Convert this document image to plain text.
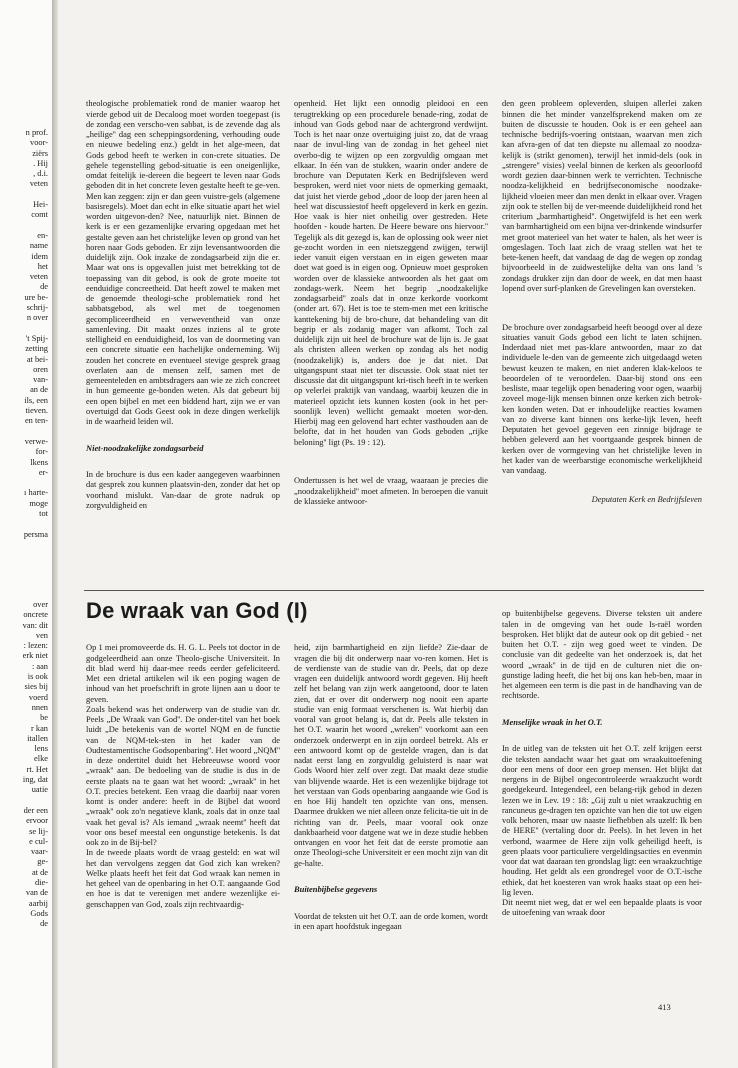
n prof.
voor-
ziërs
. Hij
, d.i.
veten

Hei-
comt

en-
name
idem
het
veten
de
ure be-
schrij-
n over

't Spij-
zetting
at bei-
oren
van-
an de
ils, een
tieven.
en ten-

verwe-
for-
lkens
er-

ı harte-
moge
tot

persma
over
oncrete
van: dit
ven
: lezen:
erk niet
: aan
is ook
sies bij
voerd
nnen
be
r kan
itallen
lens
elke
rt. Het
ing, dat
uatie

der een
ervoor
se lij-
e cul-
vaar-
ge-
at de
die-
van de
aarbij
Gods
de

theologische problematiek rond de manier waarop het vierde gebod uit de Decaloog moet worden toegepast (is de zondag een verscho-ven sabbat, is de zevende dag als „heilige'' dag een scheppingsordening, verhouding oude en nieuwe bedeling enz.) geldt in het alge-meen, dat Gods gebod heeft te werken in con-crete situaties. De gehele tegenstelling gebod-situatie is een oneigenlijke, omdat feitelijk ie-dereen die begeert te leven naar Gods geboden dit in het concrete leven gestalte heeft te ge-ven. Men kan zeggen: zijn er dan geen vuistre-gels (algemene basisregels). Moet dan echt in elke situatie apart het wiel worden uitgevon-den? Nee, natuurlijk niet. Binnen de kerk is er een gezamenlijke ervaring opgedaan met het gestalte geven aan het christelijke leven op grond van het horen naar Gods geboden. Er zijn levensantwoorden die duidelijk zijn. Ook inzake de zondagsarbeid zijn die er. Maar wat ons is opgevallen juist met betrekking tot de toepassing van dit gebod, is ook de grote moeite tot eenduidige concreetheid. Dat heeft zowel te maken met de genoemde theologi-sche problematiek rond het sabbatsgebod, als wel met de toegenomen gecompliceerdheid en verweventheid van onze samenleving. Dit maakt onzes inziens al te grote stelligheid en eenduidigheid, los van de doormeting van een concrete situatie een hachelijke onderneming. Wij zouden het concrete en eventueel stevige gesprek graag overlaten aan de mensen zelf, samen met de gemeenteleden en ambtsdragers aan wie ze zich concreet in hun gemeente ge-bonden weten. Als dat gebeurt bij een open bijbel en met een biddend hart, zijn we er van overtuigd dat Gods Geest ook in deze dingen werkelijk in de waarheid leiden wil.

Niet-noodzakelijke zondagsarbeid

In de brochure is dus een kader aangegeven waarbinnen dat gesprek zou kunnen plaatsvin-den, zonder dat het op voorhand mislukt. Van-daar de grote nadruk op zorgvuldigheid en

openheid. Het lijkt een onnodig pleidooi en een terugtrekking op een procedurele benade-ring, zodat de inhoud van Gods gebod naar de achtergrond verdwijnt. Toch is het naar onze overtuiging juist zo, dat de vraag naar de invul-ling van de zondag in het geheel niet overbo-dig te wijzen op een zorgvuldig omgaan met elkaar. In één van de stukken, waarin onder andere de brochure van Deputaten Kerk en Bedrijfsleven werd besproken, werd niet voor niets de opmerking gemaakt, dat juist het vierde gebod „door de loop der jaren heen al heel wat discussiestof heeft opgeleverd in kerk en gezin. Hoe vaak is hier niet onheilig over gestreden. Hete hoofden - koude harten. De Heere beware ons hiervoor.'' Tegelijk als dit gezegd is, kan de oplossing ook weer niet ge-zocht worden in een nietszeggend zwijgen, terwijl ieder vanuit eigen verstaan en in eigen geweten maar doet wat goed is in eigen oog. Opnieuw moet gesproken worden over de klassieke antwoorden als het gaat om zondags-werk. Neem het begrip „noodzakelijke zondagsarbeid'' zoals dat in onze kerkorde voorkomt (onder art. 67). Het is toe te stem-men met een kritische kanttekening bij de bro-chure, dat behandeling van dit begrip er als zodanig mager van afkomt. Toch zal duidelijk zijn uit heel de brochure wat de lijn is. Je gaat als christen alleen werken op zondag als het nodig (noodzakelijk) is, anders doe je dat niet. Dat uitgangspunt staat niet ter discussie. Ook staat niet ter discussie dat dit uitgangspunt kri-tisch heeft in te werken op velerlei praktijk van vandaag, waarbij keuzen die in materieel opzicht iets kunnen kosten (ook in het per-soonlijk leven) wellicht gemaakt moeten wor-den. Hierbij mag een gelovend hart echter vasthouden aan de belofte, dat in het houden van Gods geboden „rijke beloning'' ligt (Ps. 19 : 12).

Ondertussen is het wel de vraag, waaraan je precies die „noodzakelijkheid'' moet afmeten. In beroepen die vanuit de klassieke antwoor-

den geen probleem opleverden, sluipen allerlei zaken binnen die het minder vanzelfsprekend maken om ze buiten de discussie te houden. Ook is er een geheel aan technische bedrijfs-voering ontstaan, waarvan men zich kan afvra-gen of dat ten diepste nu allemaal zo noodza-kelijk is (strikt genomen), terwijl het inmid-dels (ook in „strengere'' visies) veelal binnen de kerken als geoorloofd wordt gezien daar-binnen werk te verrichten. Technische noodza-kelijkheid en bedrijfseconomische noodzake-lijkheid vloeien meer dan men denkt in elkaar over. Vragen zijn ook te stellen bij de ver-meende duidelijkheid rond het criterium „barmhartigheid''. Ongetwijfeld is het een werk van barmhartigheid om een bijna ver-drinkende windsurfer met groot materieel van het water te halen, als het weer is omgeslagen. Toch laat zich de vraag stellen wat het te bete-kenen heeft, dat vandaag de dag de wegen op zondag bijvoorbeeld in de zuidwestelijke delta van ons land 's zondags drukker zijn dan door de week, en dat men haast lopend over surf-planken de Grevelingen kan oversteken.

De brochure over zondagsarbeid heeft beoogd over al deze situaties vanuit Gods gebod een licht te laten schijnen. Inderdaad niet met pas-klare antwoorden, maar zo dat individuele le-den van de gemeente zich uitgedaagd weten bewust keuzen te maken, en niet anderen klak-keloos te beoordelen of te veroordelen. Daar-bij stond ons een besliste, maar tegelijk open benadering voor ogen, waarbij zoveel moge-lijk mensen binnen onze kerken zich betrok-ken konden weten. Dat er inhoudelijke reacties kwamen van zo diverse kant binnen ons kerke-lijk leven, heeft Deputaten het gevoel gegeven een zinnige bijdrage te hebben geleverd aan het voortgaande gesprek binnen de kerken over de vormgeving van het christelijke leven in het kader van de weerbarstige economische werkelijkheid van vandaag.

Deputaten Kerk en Bedrijfsleven

De wraak van God (I)

Op 1 mei promoveerde ds. H. G. L. Peels tot doctor in de godgeleerdheid aan onze Theolo-gische Universiteit. In dit blad werd hij daar-mee reeds eerder gefeliciteerd. Met een drietal artikelen wil ik een poging wagen de inhoud van het proefschrift in grote lijnen aan u door te geven.
Zoals bekend was het onderwerp van de studie van dr. Peels „De Wraak van God''. De onder-titel van het boek luidt „De betekenis van de wortel NQM en de functie van de NQM-tek-sten in het kader van de Oudtestamentische Godsopenbaring''. Het woord „NQM'' in deze ondertitel duidt het Hebreeuwse woord voor „wraak'' aan. De bedoeling van de studie is dus in de eerste plaats na te gaan wat het woord: „wraak'' in het O.T. precies betekent. Een vraag die daarbij naar voren komt is onder andere: heeft in de Bijbel dat woord „wraak'' ook zo'n negatieve klank, zoals dat in onze taal vaak het geval is? Als iemand „wraak neemt'' heeft dat voor ons besef meestal een ongunstige betekenis. Is dat ook zo in de Bij-bel?
In de tweede plaats wordt de vraag gesteld: en wat wil het dan vervolgens zeggen dat God zich kan wreken? Welke plaats heeft het feit dat God wraak kan nemen in het geheel van de openbaring in het O.T. aangaande God en hoe is dat te verenigen met andere wezenlijke ei-genschappen van God, zoals zijn rechtvaardig-

heid, zijn barmhartigheid en zijn liefde? Zie-daar de vragen die bij dit onderwerp naar vo-ren komen. Het is de verdienste van de studie van dr. Peels, dat op deze vragen een duidelijk antwoord wordt gegeven. Hij heeft zelf het belang van zijn werk aangetoond, door te laten zien, dat er over dit onderwerp nog nooit een aparte studie van enig formaat verschenen is. Wat hierbij dan vooral van groot belang is, dat dr. Peels alle teksten in het O.T. waarin het woord „wreken'' voorkomt aan een onderzoek onderwerpt en in zijn oordeel betrekt. Als er een antwoord komt op de gestelde vragen, dan is dat nadat eerst lang en zorgvuldig geluisterd is naar wat Gods Woord hier zelf over zegt. Dat maakt deze studie van blijvende waarde. Het is een wezenlijke bijdrage tot het verstaan van Gods openbaring aangaande wie God is en hoe Hij handelt ten opzichte van ons, mensen. Daarmee drukken we niet alleen onze felicita-tie uit in de richting van dr. Peels, maar vooral ook onze dankbaarheid voor datgene wat we in deze studie hebben ontvangen en voor het feit dat de eerste promotie aan onze Theologi-sche Universiteit er een mocht zijn van dit ge-halte.

Buitenbijbelse gegevens

Voordat de teksten uit het O.T. aan de orde komen, wordt in een apart hoofdstuk ingegaan

op buitenbijbelse gegevens. Diverse teksten uit andere talen in de omgeving van het oude Is-raël worden besproken. Het blijkt dat de auteur ook op dit gebied - net buiten het O.T. - zijn weg goed weet te vinden. De conclusie van dit gedeelte van het onderzoek is, dat het woord „wraak'' in de tijd en de culturen niet die on-gunstige lading heeft, die het bij ons kan heb-ben, maar in het algemeen een term is die past in de handhaving van de rechtsorde.

Menselijke wraak in het O.T.

In de uitleg van de teksten uit het O.T. zelf krijgen eerst die teksten aandacht waar het gaat om wraakuitoefening door een mens of door een groep mensen. Het blijkt dat nergens in de Bijbel ongecontroleerde wraakzucht wordt goedgekeurd. Integendeel, een belang-rijk gebod in dezen lezen we in Lev. 19 : 18: „Gij zult u niet wraakzuchtig en rancuneus ge-dragen ten opzichte van hen die tot uw eigen volk behoren, maar uw naaste liefhebben als uzelf: Ik ben de HERE'' (vertaling door dr. Peels). In het leven in het verbond, waarmee de Here zijn volk geheiligd heeft, is geen plaats voor particuliere vergeldingsacties en evenmin voor dat wat daaraan ten grondslag ligt: een wraakzuchtige houding. Het geldt als een grondregel voor de O.T.-ische ethiek, dat het koesteren van wrok haaks staat op een hei-lig leven.
Dit neemt niet weg, dat er wel een bepaalde plaats is voor de uitoefening van wraak door

413
